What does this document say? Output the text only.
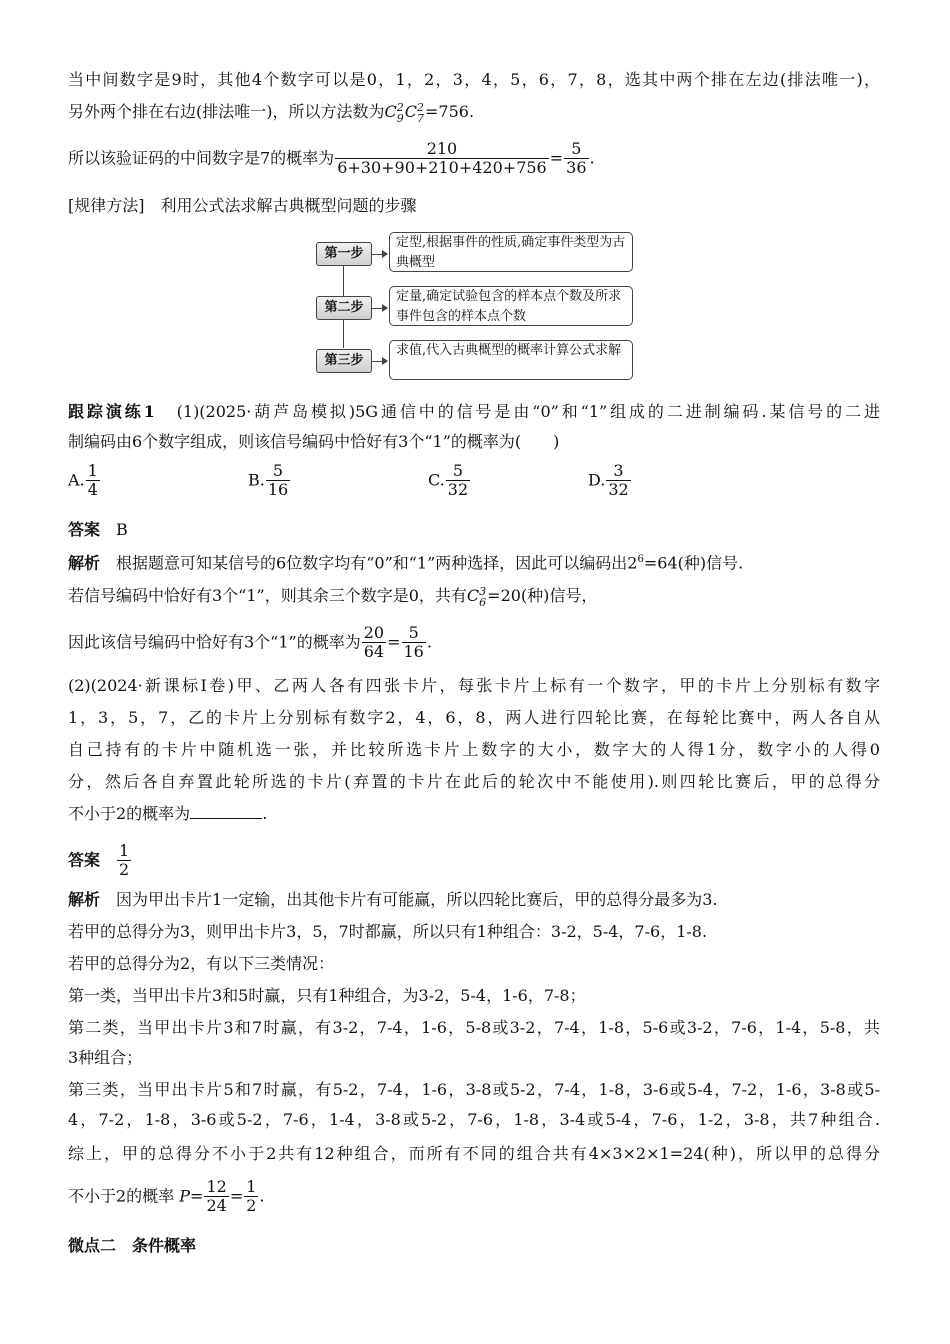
当中间数字是9时，其他4个数字可以是0，1，2，3，4，5，6，7，8，选其中两个排在左边(排法唯一)，
另外两个排在右边(排法唯一)，所以方法数为C 2
9 C 2
7 =756.
所以该验证码的中间数字是7的概率为 $\frac{210}{6+30+90+210+420+756} = \frac{5}{36}$ .
[规律方法]　 利用公式法求解古典概型问题的步骤
第一步
定型,根据事件的性质,确定事件类型为古典概型
第二步
定量,确定试验包含的样本点个数及所求事件包含的样本点个数
第三步
求值,代入古典概型的概率计算公式求解
跟踪演练1　 (1)(2025·葫芦岛模拟)5G通信中的信号是由“0”和“1”组成的二进制编码.某信号的二进
制编码由6个数字组成，则该信号编码中恰好有3个“1”的概率为(　　)
A. $\frac{1}{4}$	B. $\frac{5}{16}$	C. $\frac{5}{32}$	D. $\frac{3}{32}$
答案　 B
解析　 根据题意可知某信号的6位数字均有“0”和“1”两种选择，因此可以编码出$2^6=64$(种)信号.
若信号编码中恰好有3个“1”，则其余三个数字是0，共有C 3
6 =20(种)信号，
因此该信号编码中恰好有3个“1”的概率为 $\frac{20}{64} = \frac{5}{16}$ .
(2)(2024·新课标Ⅰ卷)甲、乙两人各有四张卡片，每张卡片上标有一个数字，甲的卡片上分别标有数字
1，3，5，7，乙的卡片上分别标有数字2，4，6，8，两人进行四轮比赛，在每轮比赛中，两人各自从
自己持有的卡片中随机选一张，并比较所选卡片上数字的大小，数字大的人得1分，数字小的人得0
分，然后各自弃置此轮所选的卡片(弃置的卡片在此后的轮次中不能使用).则四轮比赛后，甲的总得分
不小于2的概率为	.
答案　 $\frac{1}{2}$
解析　 因为甲出卡片1一定输，出其他卡片有可能赢，所以四轮比赛后，甲的总得分最多为3.
若甲的总得分为3，则甲出卡片3，5，7时都赢，所以只有1种组合：3-2，5-4，7-6，1-8.
若甲的总得分为2，有以下三类情况：
第一类，当甲出卡片3和5时赢，只有1种组合，为3-2，5-4，1-6，7-8；
第二类，当甲出卡片3和7时赢，有3-2，7-4，1-6，5-8或3-2，7-4，1-8，5-6或3-2，7-6，1-4，5-8，共
3种组合；
第三类，当甲出卡片5和7时赢，有5-2，7-4，1-6，3-8或5-2，7-4，1-8，3-6或5-4，7-2，1-6，3-8或5-
4，7-2，1-8，3-6或5-2，7-6，1-4，3-8或5-2，7-6，1-8，3-4或5-4，7-6，1-2，3-8，共7种组合.
综上，甲的总得分不小于2共有12种组合，而所有不同的组合共有4×3×2×1=24(种)，所以甲的总得分
不小于2的概率 $P= \frac{12}{24} = \frac{1}{2}$ .
微点二　条件概率
